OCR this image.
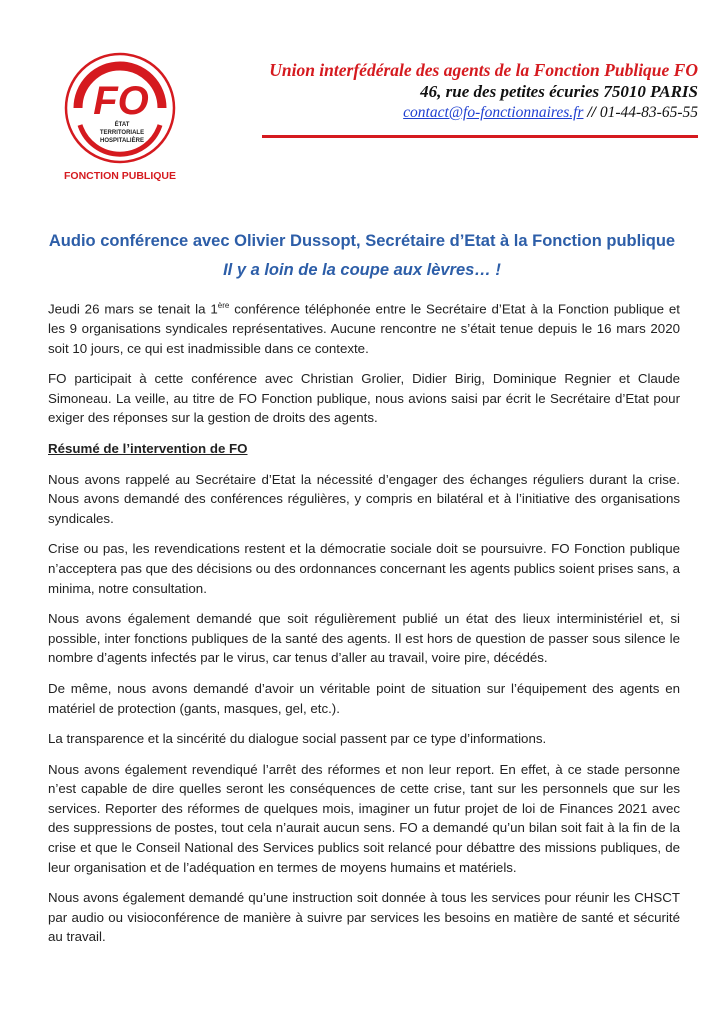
FO
ÉTAT
TERRITORIALE
HOSPITALIÈRE
FONCTION PUBLIQUE
Union interfédérale des agents de la Fonction Publique FO
46, rue des petites écuries 75010 PARIS
contact@fo-fonctionnaires.fr // 01-44-83-65-55
Audio conférence avec Olivier Dussopt, Secrétaire d’Etat à la Fonction publique
Il y a loin de la coupe aux lèvres… !

Jeudi 26 mars se tenait la 1ère conférence téléphonée entre le Secrétaire d’Etat à la Fonction publique et les 9 organisations syndicales représentatives. Aucune rencontre ne s’était tenue depuis le 16 mars 2020 soit 10 jours, ce qui est inadmissible dans ce contexte.

FO participait à cette conférence avec Christian Grolier, Didier Birig, Dominique Regnier et Claude Simoneau. La veille, au titre de FO Fonction publique, nous avions saisi par écrit le Secrétaire d’Etat pour exiger des réponses sur la gestion de droits des agents.

Résumé de l’intervention de FO

Nous avons rappelé au Secrétaire d’Etat la nécessité d’engager des échanges réguliers durant la crise. Nous avons demandé des conférences régulières, y compris en bilatéral et à l’initiative des organisations syndicales.

Crise ou pas, les revendications restent et la démocratie sociale doit se poursuivre. FO Fonction publique n’acceptera pas que des décisions ou des ordonnances concernant les agents publics soient prises sans, a minima, notre consultation.

Nous avons également demandé que soit régulièrement publié un état des lieux interministériel et, si possible, inter fonctions publiques de la santé des agents. Il est hors de question de passer sous silence le nombre d’agents infectés par le virus, car tenus d’aller au travail, voire pire, décédés.

De même, nous avons demandé d’avoir un véritable point de situation sur l’équipement des agents en matériel de protection (gants, masques, gel, etc.).

La transparence et la sincérité du dialogue social passent par ce type d’informations.

Nous avons également revendiqué l’arrêt des réformes et non leur report. En effet, à ce stade personne n’est capable de dire quelles seront les conséquences de cette crise, tant sur les personnels que sur les services. Reporter des réformes de quelques mois, imaginer un futur projet de loi de Finances 2021 avec des suppressions de postes, tout cela n’aurait aucun sens. FO a demandé qu’un bilan soit fait à la fin de la crise et que le Conseil National des Services publics soit relancé pour débattre des missions publiques, de leur organisation et de l’adéquation en termes de moyens humains et matériels.

Nous avons également demandé qu’une instruction soit donnée à tous les services pour réunir les CHSCT par audio ou visioconférence de manière à suivre par services les besoins en matière de santé et sécurité au travail.
